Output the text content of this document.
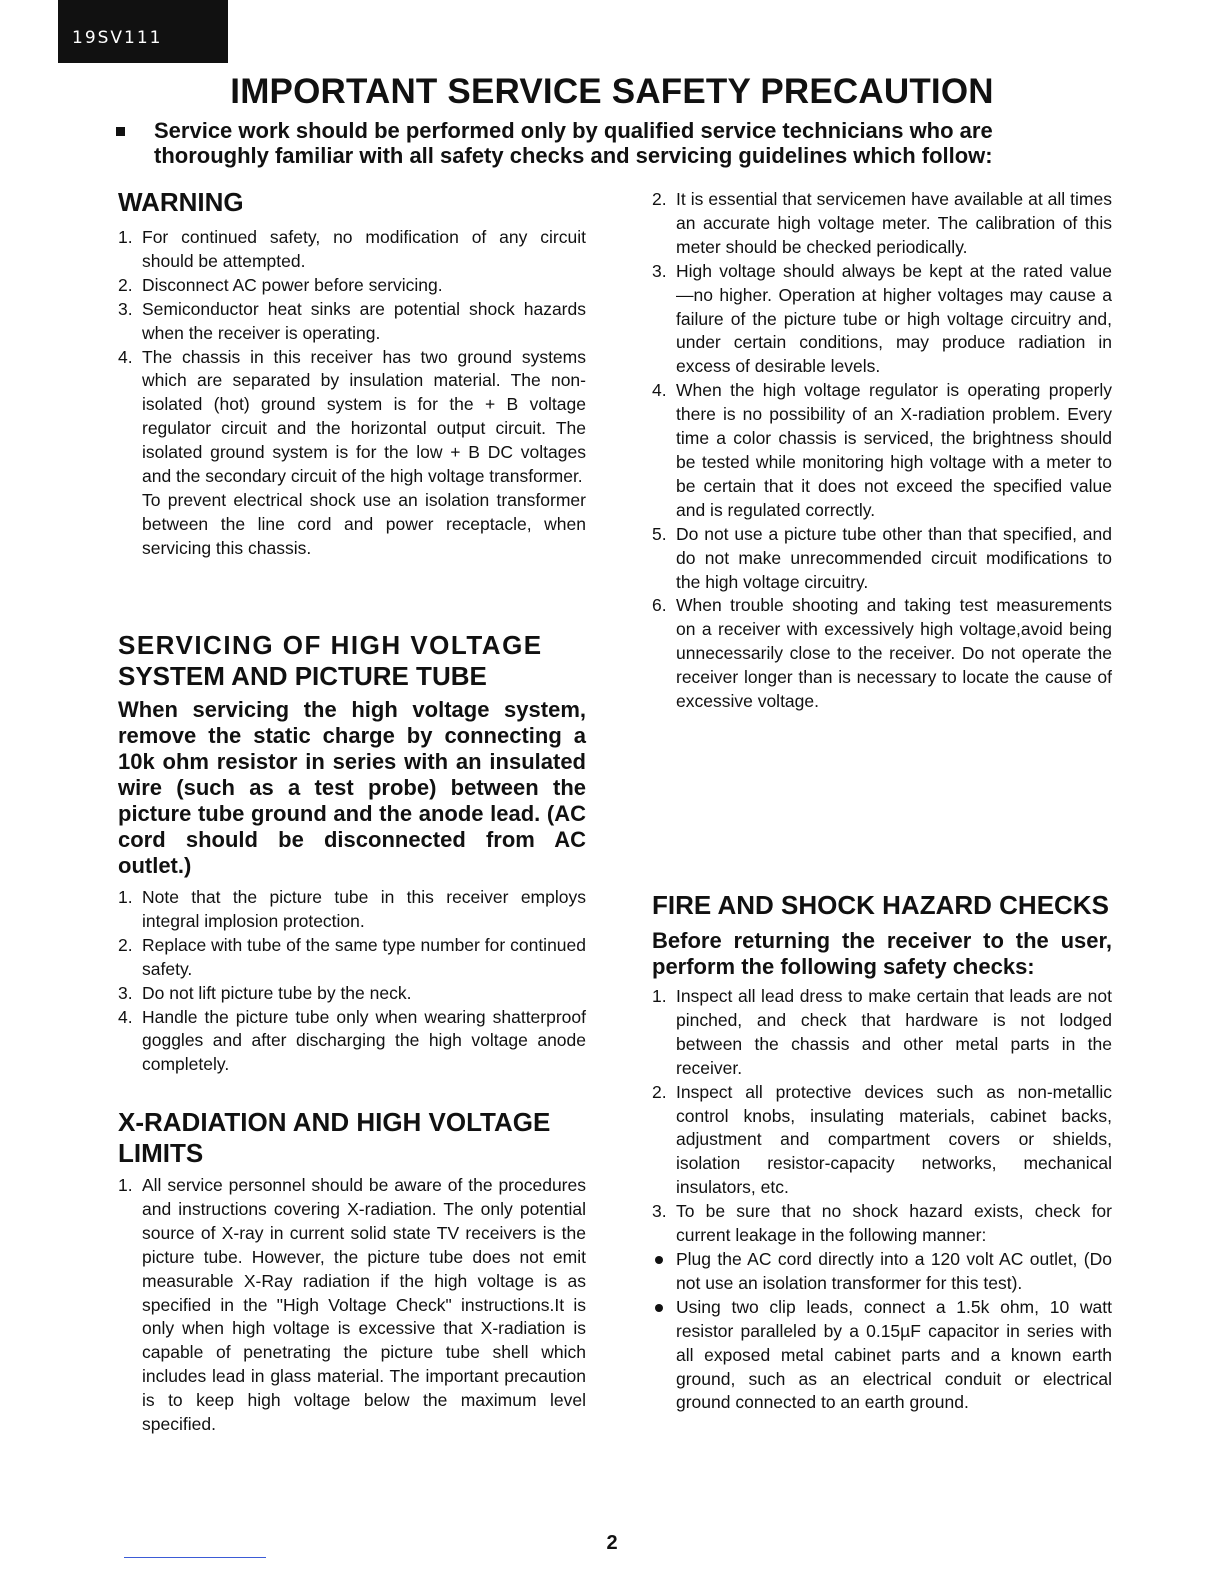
19SV111
IMPORTANT SERVICE SAFETY PRECAUTION

Service work should be performed only by qualified service technicians who are thoroughly familiar with all safety checks and servicing guidelines which follow:

WARNING
1. For continued safety, no modification of any circuit should be attempted.

2. Disconnect AC power before servicing.

3. Semiconductor heat sinks are potential shock hazards when the receiver is operating.

4. The chassis in this receiver has two ground systems which are separated by insulation material. The non-isolated (hot) ground system is for the + B voltage regulator circuit and the horizontal output circuit. The isolated ground system is for the low + B DC voltages and the secondary circuit of the high voltage transformer.

To prevent electrical shock use an isolation transformer between the line cord and power receptacle, when servicing this chassis.

SERVICING OF HIGH VOLTAGE
SYSTEM AND PICTURE TUBE

When servicing the high voltage system, remove the static charge by connecting a 10k ohm resistor in series with an insulated wire (such as a test probe) between the picture tube ground and the anode lead. (AC cord should be disconnected from AC outlet.)

1. Note that the picture tube in this receiver employs integral implosion protection.

2. Replace with tube of the same type number for continued safety.

3. Do not lift picture tube by the neck.

4. Handle the picture tube only when wearing shatterproof goggles and after discharging the high voltage anode completely.

X-RADIATION AND HIGH VOLTAGE LIMITS
1. All service personnel should be aware of the procedures and instructions covering X-radiation. The only potential source of X-ray in current solid state TV receivers is the picture tube. However, the picture tube does not emit measurable X-Ray radiation if the high voltage is as specified in the "High Voltage Check" instructions.It is only when high voltage is excessive that X-radiation is capable of penetrating the picture tube shell which includes lead in glass material. The important precaution is to keep high voltage below the maximum level specified.

2. It is essential that servicemen have available at all times an accurate high voltage meter. The calibration of this meter should be checked periodically.

3. High voltage should always be kept at the rated value —no higher. Operation at higher voltages may cause a failure of the picture tube or high voltage circuitry and, under certain conditions, may produce radiation in excess of desirable levels.

4. When the high voltage regulator is operating properly there is no possibility of an X-radiation problem. Every time a color chassis is serviced, the brightness should be tested while monitoring high voltage with a meter to be certain that it does not exceed the specified value and is regulated correctly.

5. Do not use a picture tube other than that specified, and do not make unrecommended circuit modifications to the high voltage circuitry.

6. When trouble shooting and taking test measurements on a receiver with excessively high voltage,avoid being unnecessarily close to the receiver. Do not operate the receiver longer than is necessary to locate the cause of excessive voltage.

FIRE AND SHOCK HAZARD CHECKS

Before returning the receiver to the user, perform the following safety checks:

1. Inspect all lead dress to make certain that leads are not pinched, and check that hardware is not lodged between the chassis and other metal parts in the receiver.

2. Inspect all protective devices such as non-metallic control knobs, insulating materials, cabinet backs, adjustment and compartment covers or shields, isolation resistor-capacity networks, mechanical insulators, etc.

3. To be sure that no shock hazard exists, check for current leakage in the following manner:

Plug the AC cord directly into a 120 volt AC outlet, (Do not use an isolation transformer for this test).
Using two clip leads, connect a 1.5k ohm, 10 watt resistor paralleled by a 0.15µF capacitor in series with all exposed metal cabinet parts and a known earth ground, such as an electrical conduit or electrical ground connected to an earth ground.
2
